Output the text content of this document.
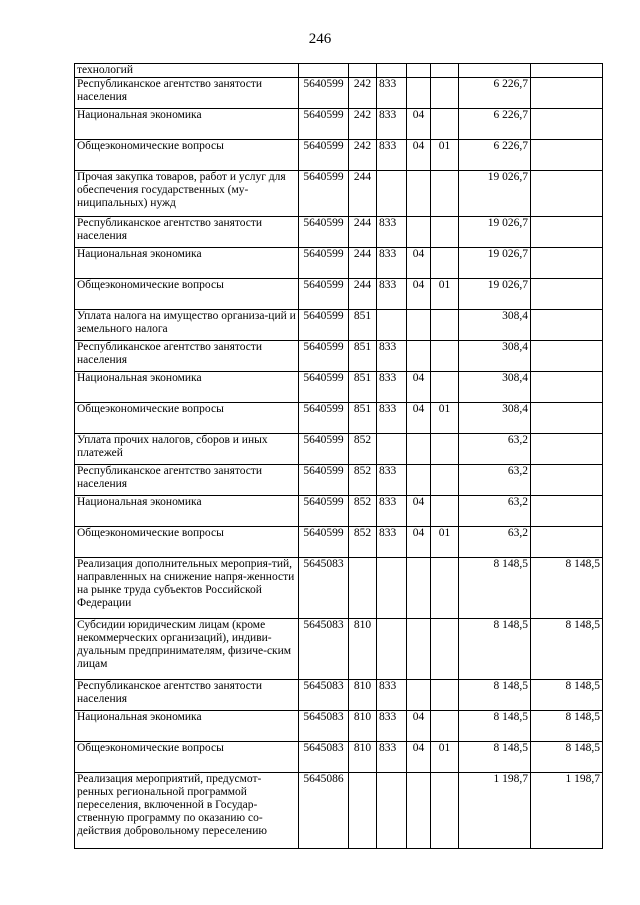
246
технологий							
Республиканское агентство занятости населения	5640599	242	833			6 226,7	
Национальная экономика	5640599	242	833	04		6 226,7	
Общеэкономические вопросы	5640599	242	833	04	01	6 226,7	
Прочая закупка товаров, работ и услуг для обеспечения государственных (му-ниципальных) нужд	5640599	244				19 026,7	
Республиканское агентство занятости населения	5640599	244	833			19 026,7	
Национальная экономика	5640599	244	833	04		19 026,7	
Общеэкономические вопросы	5640599	244	833	04	01	19 026,7	
Уплата налога на имущество организа-ций и земельного налога	5640599	851				308,4	
Республиканское агентство занятости населения	5640599	851	833			308,4	
Национальная экономика	5640599	851	833	04		308,4	
Общеэкономические вопросы	5640599	851	833	04	01	308,4	
Уплата прочих налогов, сборов и иных платежей	5640599	852				63,2	
Республиканское агентство занятости населения	5640599	852	833			63,2	
Национальная экономика	5640599	852	833	04		63,2	
Общеэкономические вопросы	5640599	852	833	04	01	63,2	
Реализация дополнительных мероприя-тий, направленных на снижение напря-женности на рынке труда субъектов Российской Федерации	5645083					8 148,5	8 148,5
Субсидии юридическим лицам (кроме некоммерческих организаций), индиви-дуальным предпринимателям, физиче-ским лицам	5645083	810				8 148,5	8 148,5
Республиканское агентство занятости населения	5645083	810	833			8 148,5	8 148,5
Национальная экономика	5645083	810	833	04		8 148,5	8 148,5
Общеэкономические вопросы	5645083	810	833	04	01	8 148,5	8 148,5
Реализация мероприятий, предусмот-ренных региональной программой переселения, включенной в Государ-ственную программу по оказанию со-действия добровольному переселению	5645086					1 198,7	1 198,7
